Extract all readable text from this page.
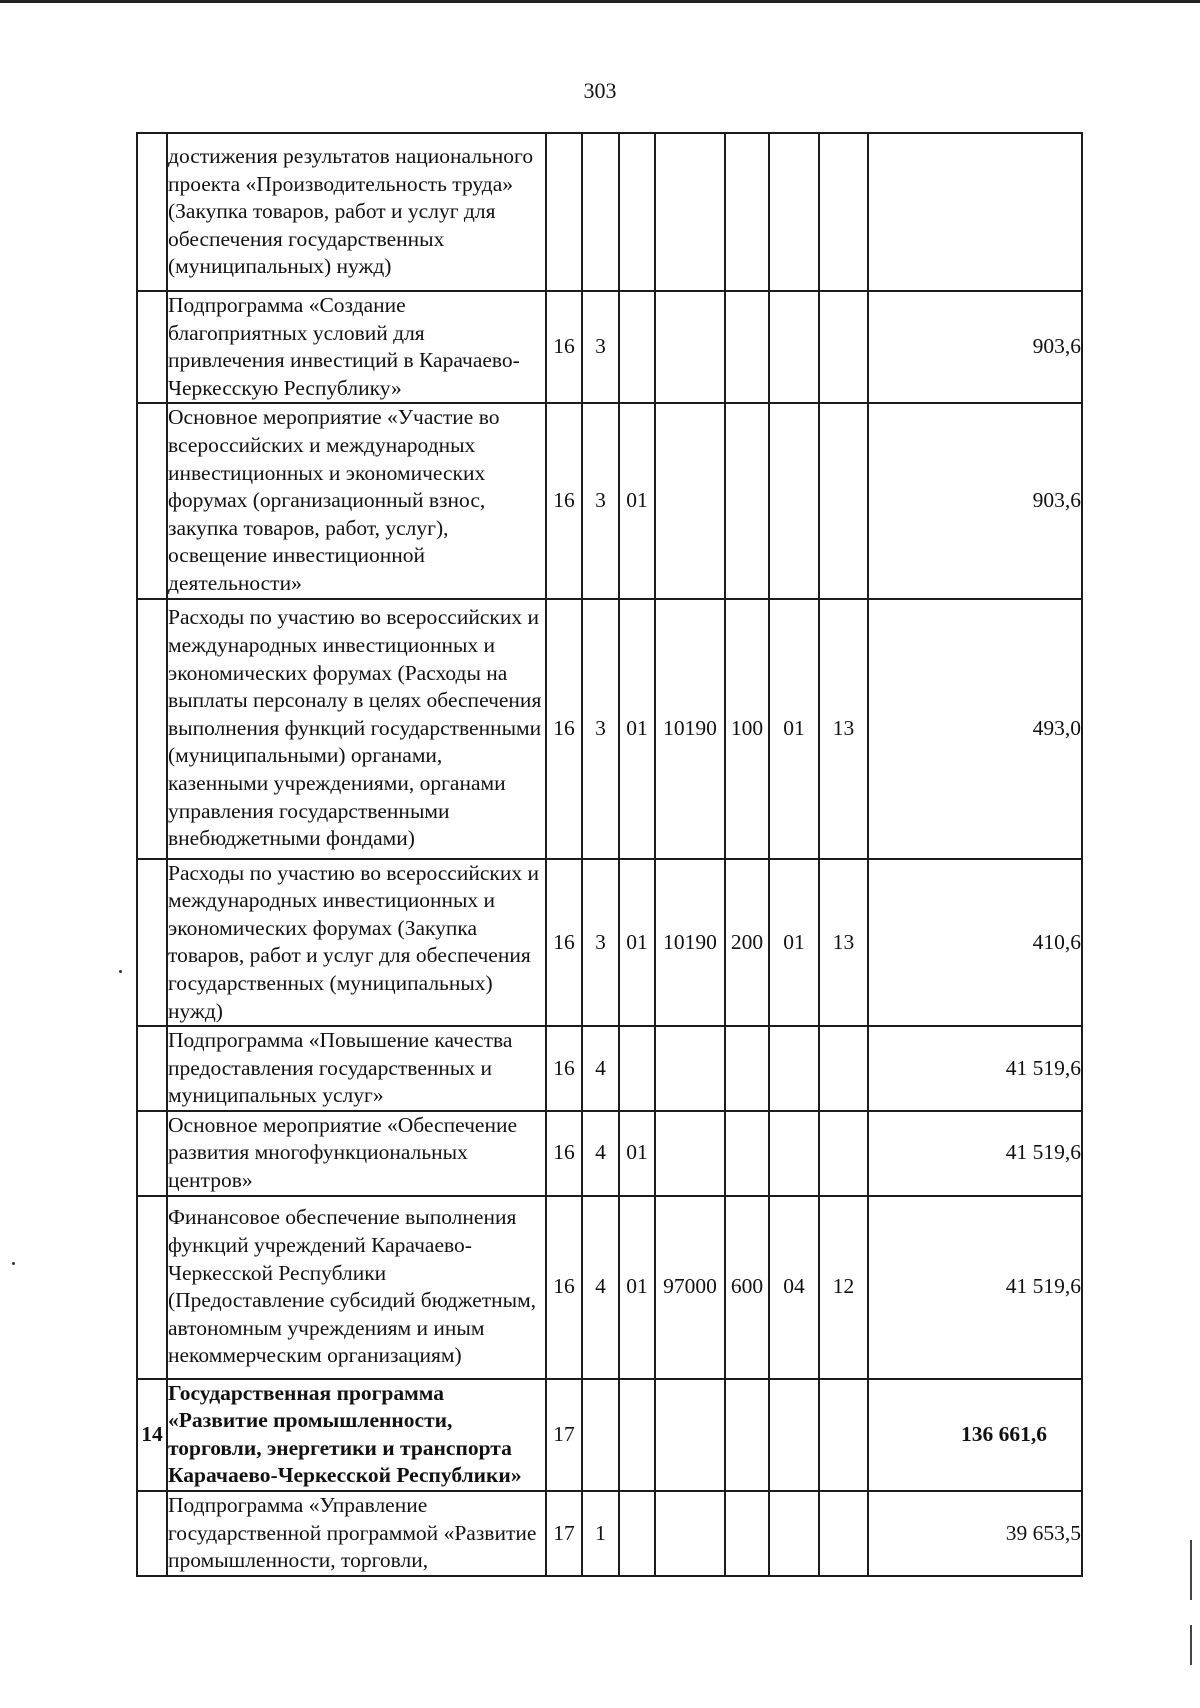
303
	достижения результатов национального проекта «Производительность труда» (Закупка товаров, работ и услуг для обеспечения государственных (муниципальных) нужд)								
	Подпрограмма «Создание благоприятных условий для привлечения инвестиций в Карачаево-Черкесскую Республику»	16	3						903,6
	Основное мероприятие «Участие во всероссийских и международных инвестиционных и экономических форумах (организационный взнос, закупка товаров, работ, услуг), освещение инвестиционной деятельности»	16	3	01					903,6
	Расходы по участию во всероссийских и международных инвестиционных и экономических форумах (Расходы на выплаты персоналу в целях обеспечения выполнения функций государственными (муниципальными) органами, казенными учреждениями, органами управления государственными внебюджетными фондами)	16	3	01	10190	100	01	13	493,0
	Расходы по участию во всероссийских и международных инвестиционных и экономических форумах (Закупка товаров, работ и услуг для обеспечения государственных (муниципальных) нужд)	16	3	01	10190	200	01	13	410,6
	Подпрограмма «Повышение качества предоставления государственных и муниципальных услуг»	16	4						41 519,6
	Основное мероприятие «Обеспечение развития многофункциональных центров»	16	4	01					41 519,6
	Финансовое обеспечение выполнения функций учреждений Карачаево-Черкесской Республики (Предоставление субсидий бюджетным, автономным учреждениям и иным некоммерческим организациям)	16	4	01	97000	600	04	12	41 519,6
14	Государственная программа «Развитие промышленности, торговли, энергетики и транспорта Карачаево-Черкесской Республики»	17							136 661,6
	Подпрограмма «Управление государственной программой «Развитие промышленности, торговли,	17	1						39 653,5
